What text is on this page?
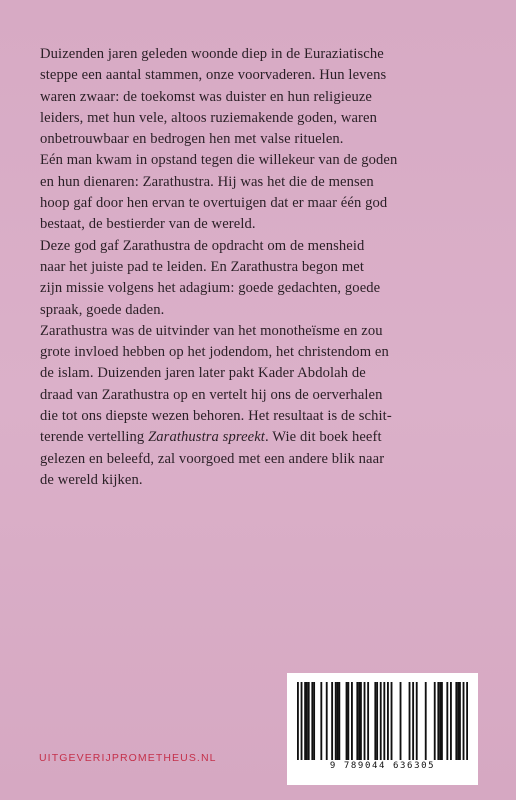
Duizenden jaren geleden woonde diep in de Euraziatische
steppe een aantal stammen, onze voorvaderen. Hun levens
waren zwaar: de toekomst was duister en hun religieuze
leiders, met hun vele, altoos ruziemakende goden, waren
onbetrouwbaar en bedrogen hen met valse rituelen.

Eén man kwam in opstand tegen die willekeur van de goden
en hun dienaren: Zarathustra. Hij was het die de mensen
hoop gaf door hen ervan te overtuigen dat er maar één god
bestaat, de bestierder van de wereld.

Deze god gaf Zarathustra de opdracht om de mensheid
naar het juiste pad te leiden. En Zarathustra begon met
zijn missie volgens het adagium: goede gedachten, goede
spraak, goede daden.

Zarathustra was de uitvinder van het monotheïsme en zou
grote invloed hebben op het jodendom, het christendom en
de islam. Duizenden jaren later pakt Kader Abdolah de
draad van Zarathustra op en vertelt hij ons de oerverhalen
die tot ons diepste wezen behoren. Het resultaat is de schit-
terende vertelling Zarathustra spreekt. Wie dit boek heeft
gelezen en beleefd, zal voorgoed met een andere blik naar
de wereld kijken.

UITGEVERIJPROMETHEUS.NL
9 789044 636305
